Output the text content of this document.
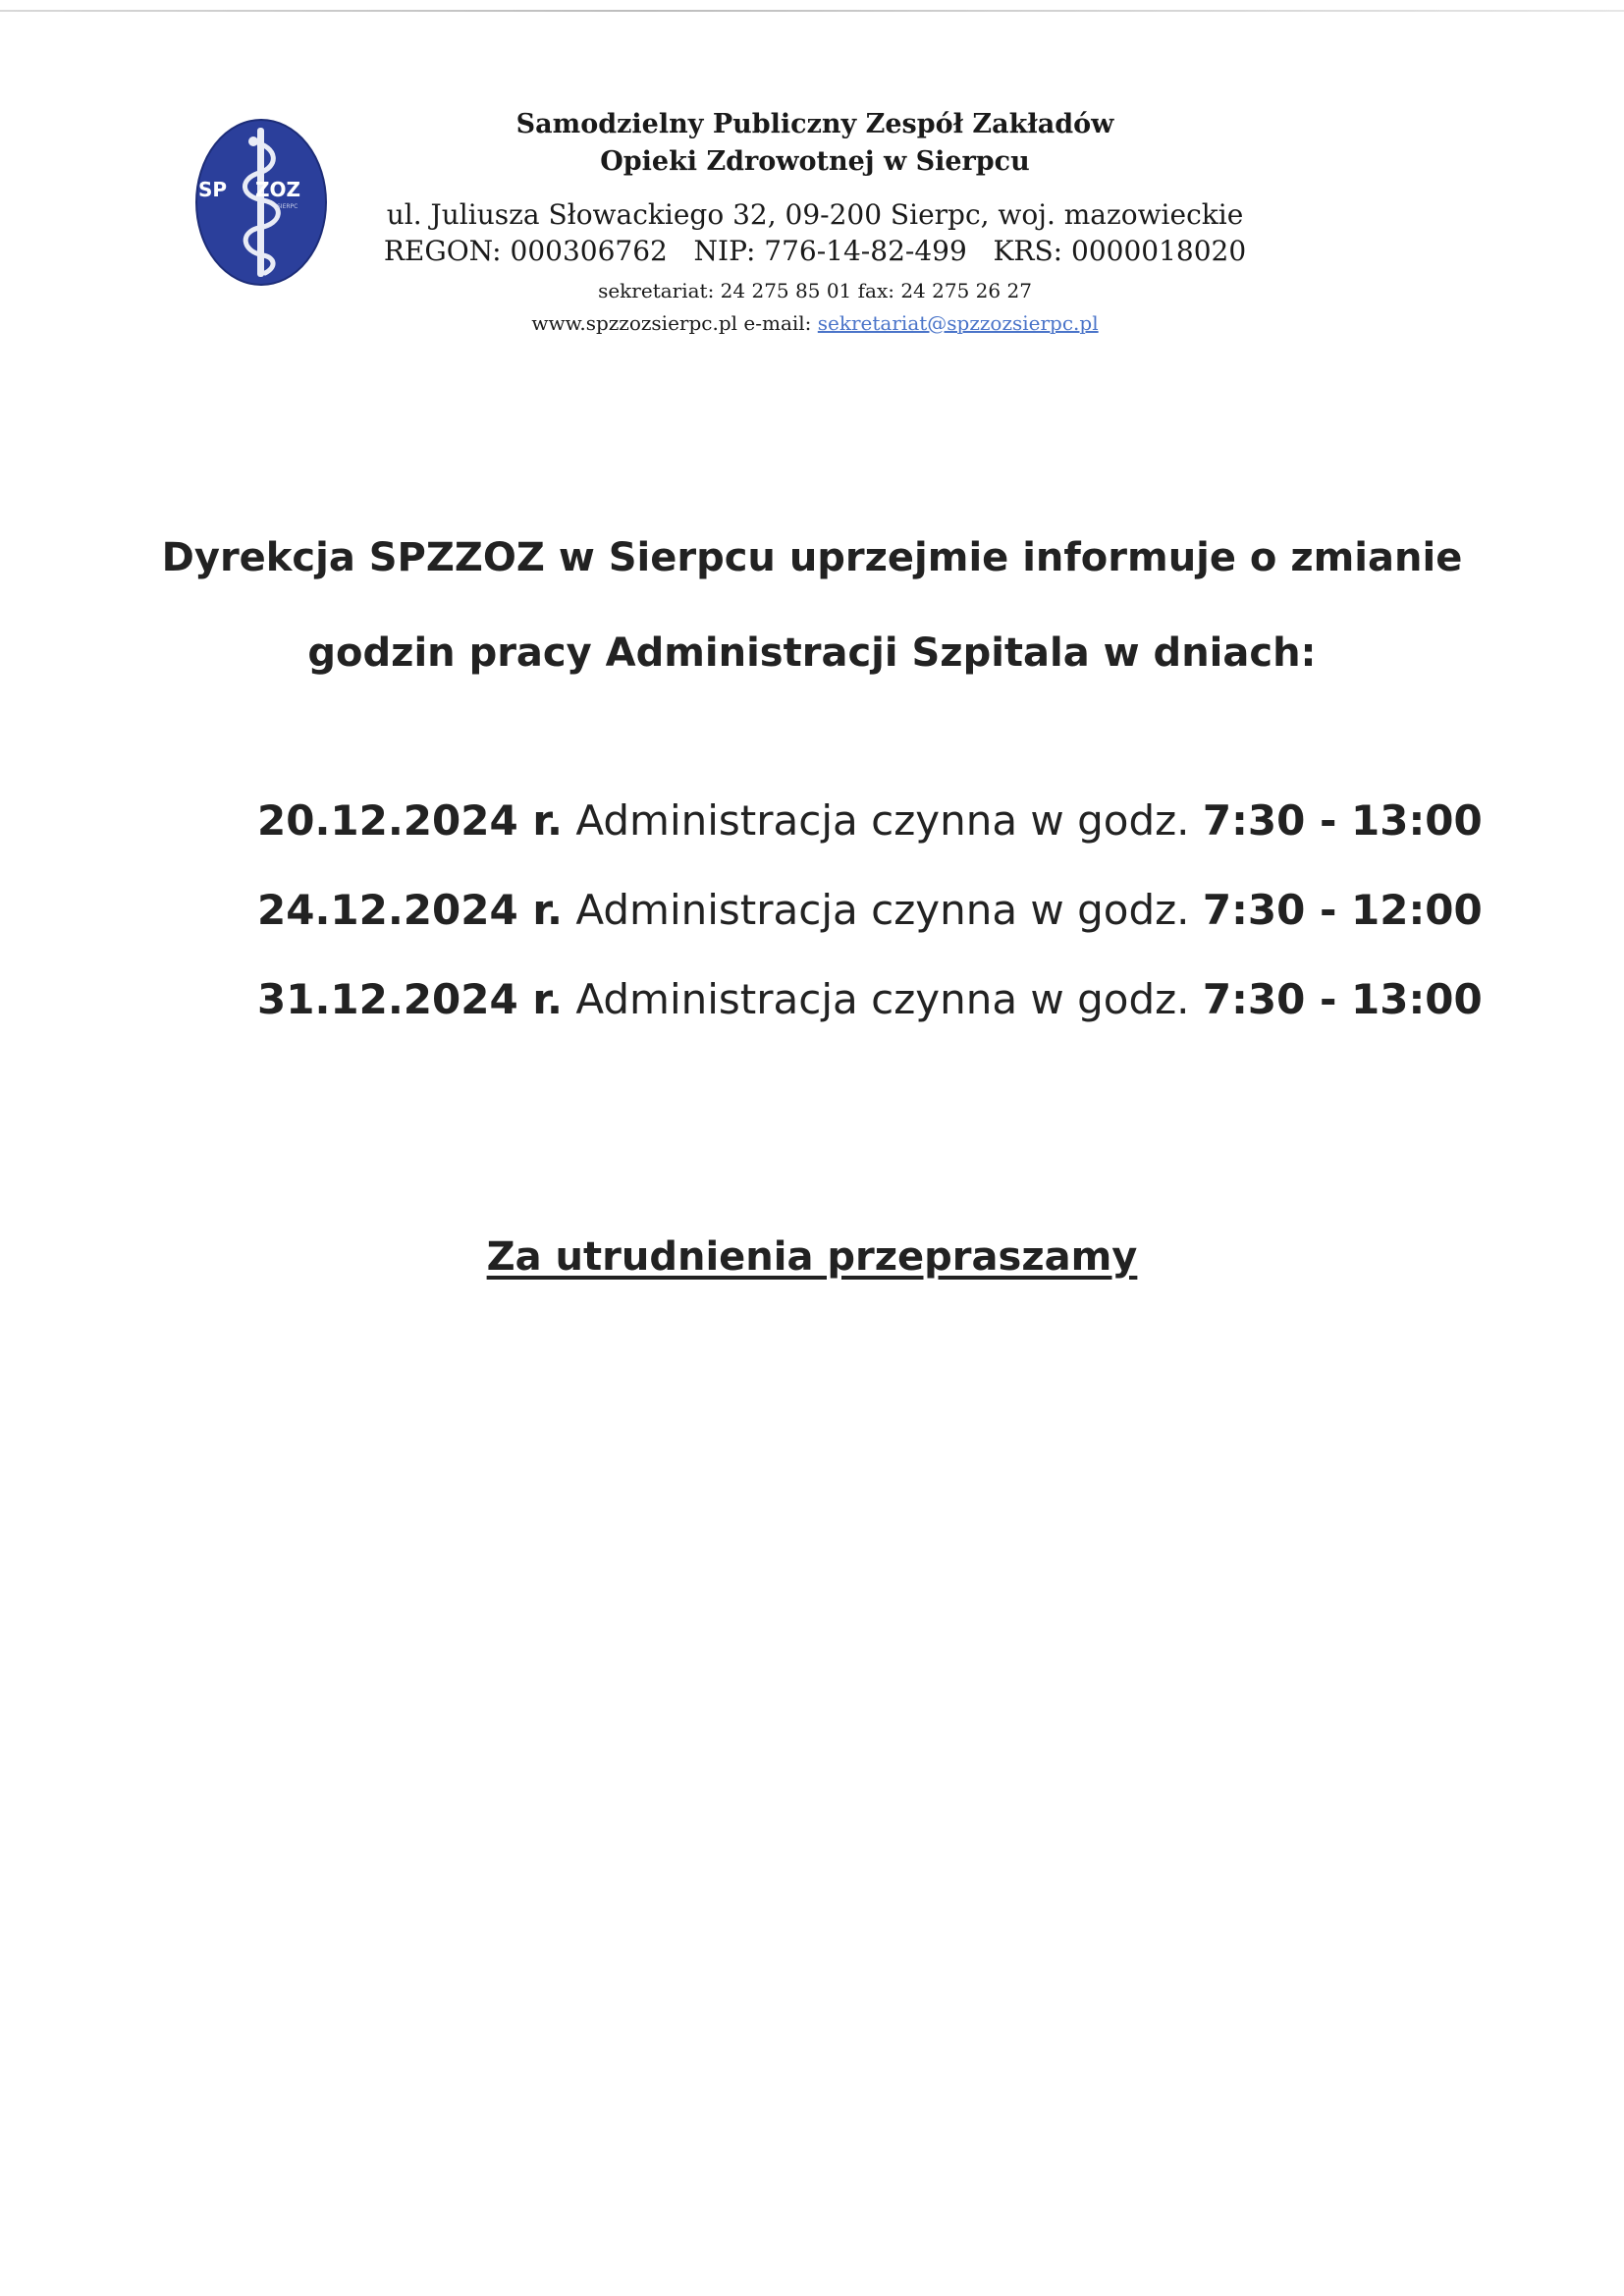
SP ZOZ
SIERPC

Samodzielny Publiczny Zespół Zakładów

Opieki Zdrowotnej w Sierpcu

ul. Juliusza Słowackiego 32, 09-200 Sierpc, woj. mazowieckie
REGON: 000306762   NIP: 776-14-82-499   KRS: 0000018020
sekretariat: 24 275 85 01 fax: 24 275 26 27
www.spzzozsierpc.pl e-mail: sekretariat@spzzozsierpc.pl
Dyrekcja SPZZOZ w Sierpcu uprzejmie informuje o zmianie
godzin pracy Administracji Szpitala w dniach:
20.12.2024 r. Administracja czynna w godz. 7:30 - 13:00
24.12.2024 r. Administracja czynna w godz. 7:30 - 12:00
31.12.2024 r. Administracja czynna w godz. 7:30 - 13:00
Za utrudnienia przepraszamy
